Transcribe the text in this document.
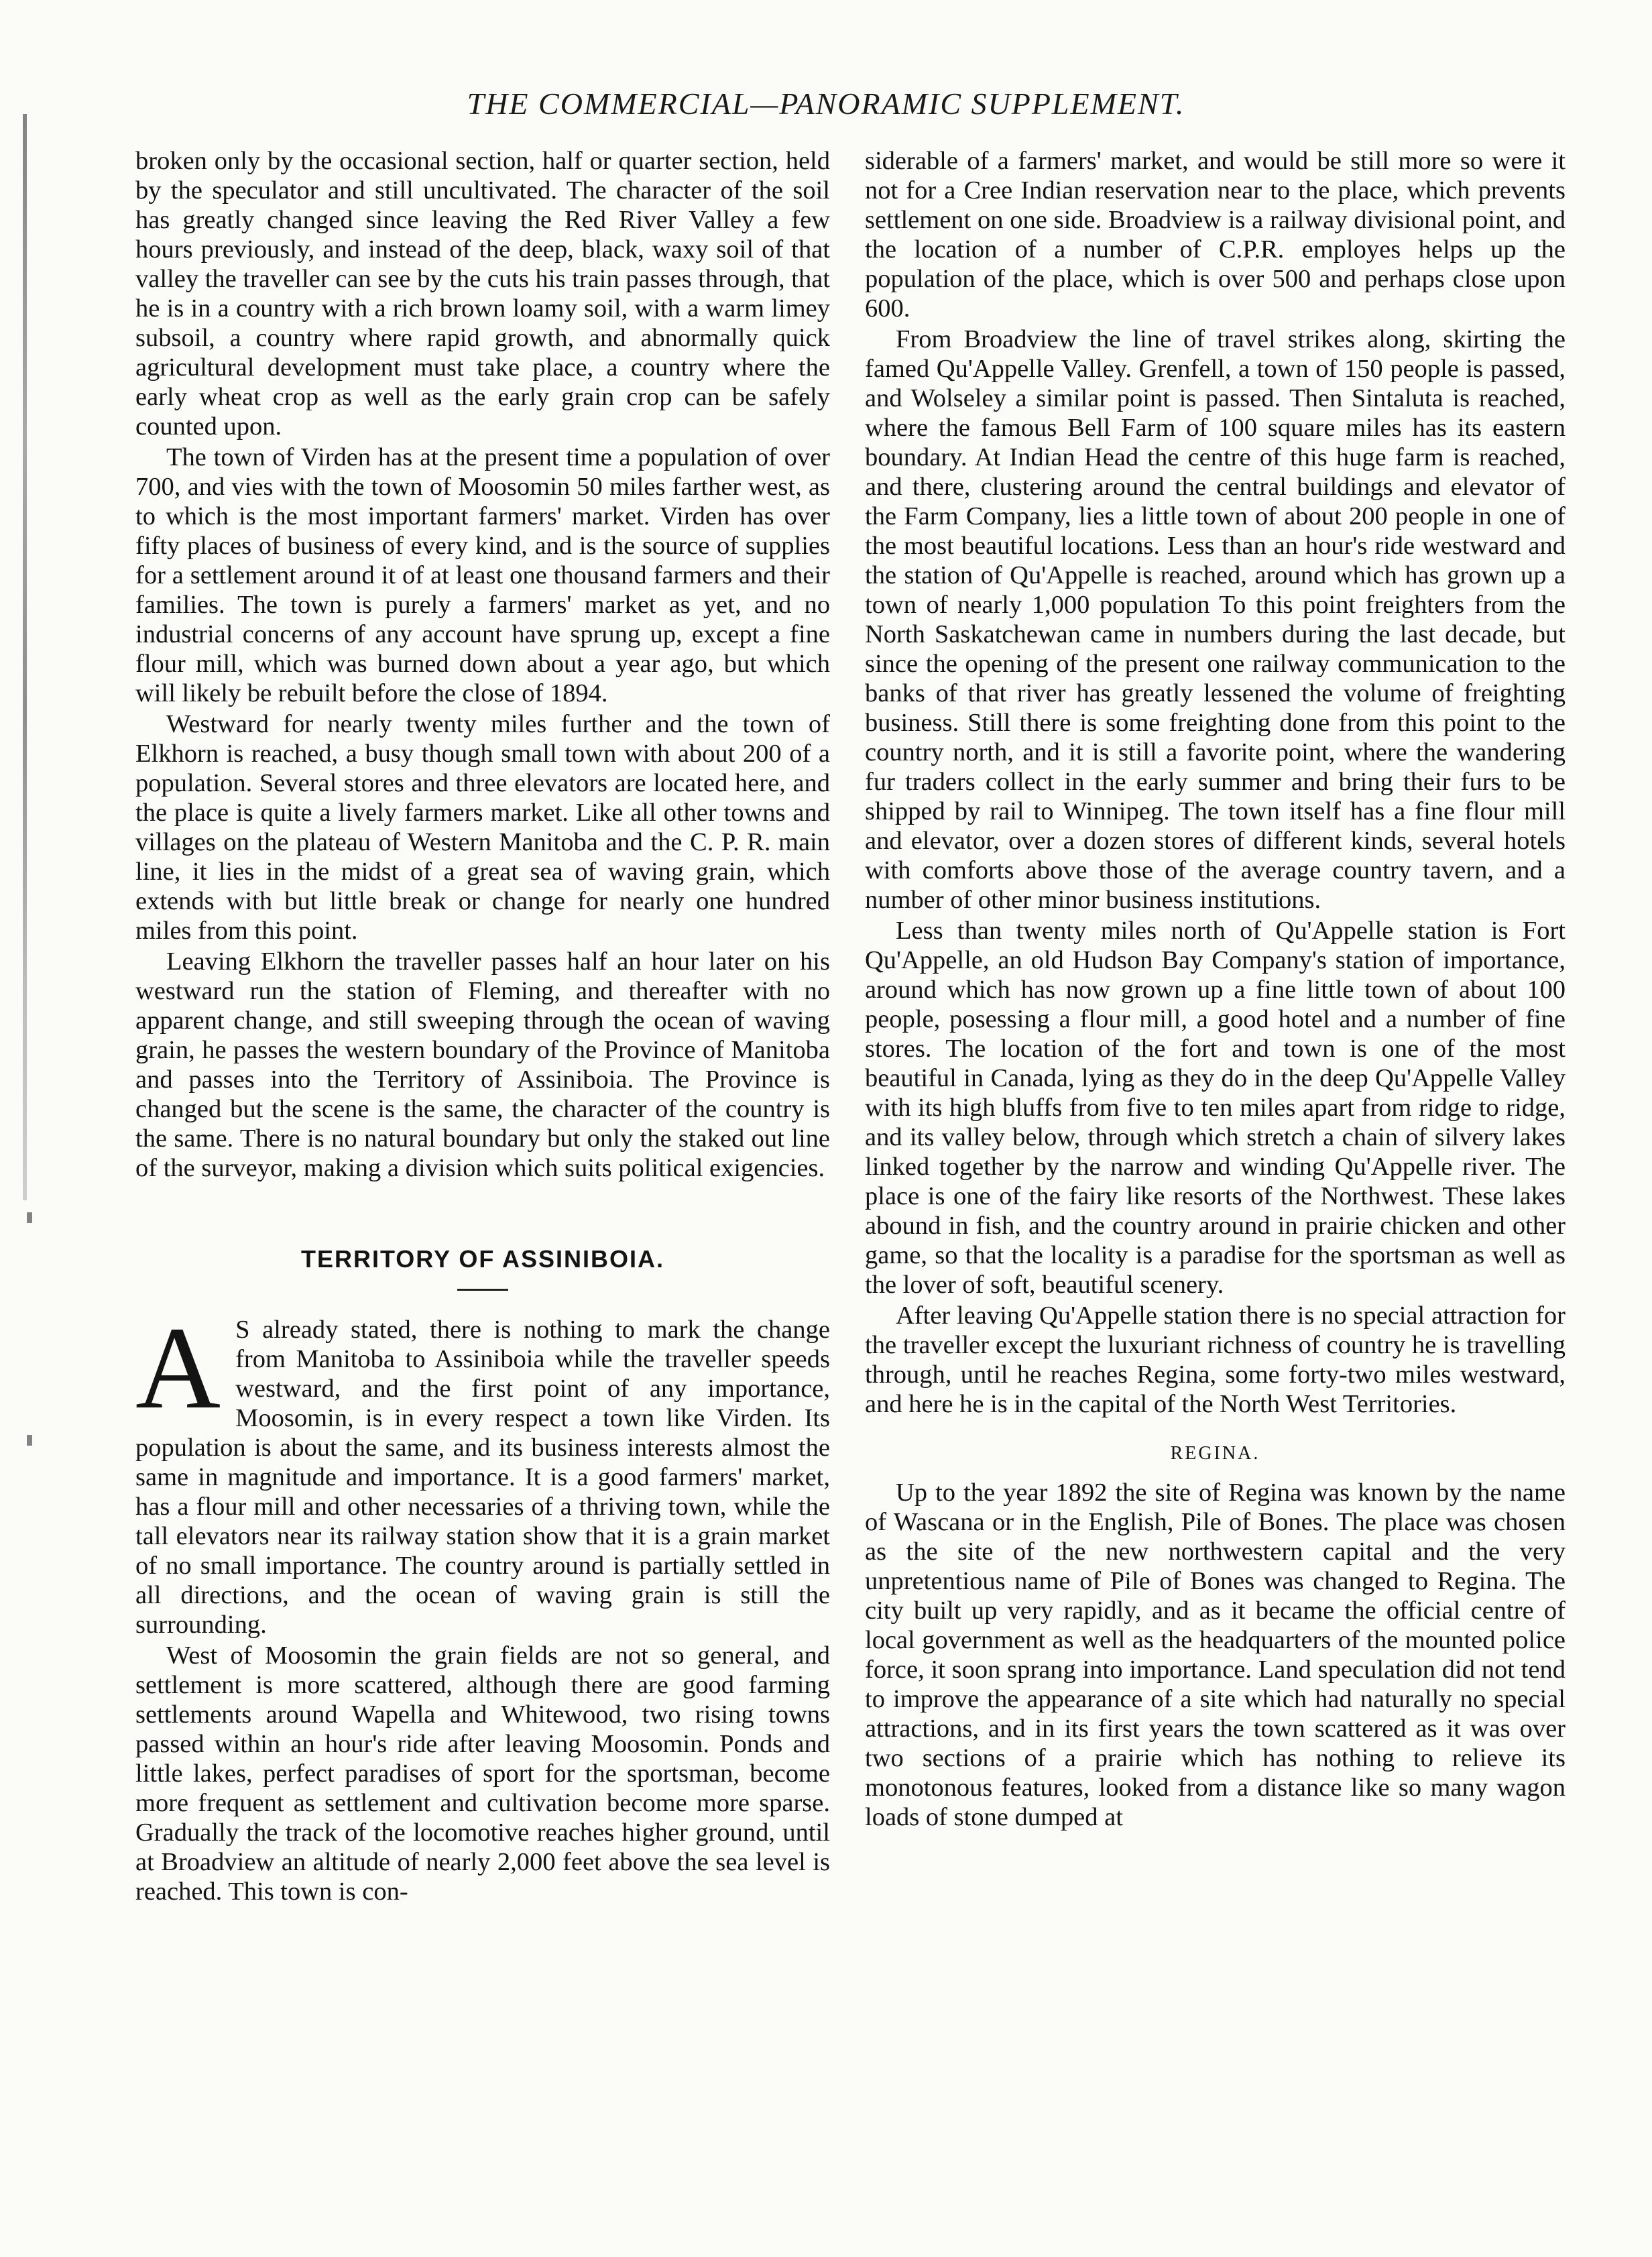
THE COMMERCIAL—PANORAMIC SUPPLEMENT.

broken only by the occasional section, half or quarter section, held by the speculator and still uncultivated. The character of the soil has greatly changed since leaving the Red River Valley a few hours previously, and instead of the deep, black, waxy soil of that valley the traveller can see by the cuts his train passes through, that he is in a country with a rich brown loamy soil, with a warm limey subsoil, a country where rapid growth, and abnormally quick agricultural development must take place, a country where the early wheat crop as well as the early grain crop can be safely counted upon.

The town of Virden has at the present time a population of over 700, and vies with the town of Moosomin 50 miles farther west, as to which is the most important farmers' market. Virden has over fifty places of business of every kind, and is the source of supplies for a settlement around it of at least one thousand farmers and their families. The town is purely a farmers' market as yet, and no industrial concerns of any account have sprung up, except a fine flour mill, which was burned down about a year ago, but which will likely be rebuilt before the close of 1894.

Westward for nearly twenty miles further and the town of Elkhorn is reached, a busy though small town with about 200 of a population. Several stores and three elevators are located here, and the place is quite a lively farmers market. Like all other towns and villages on the plateau of Western Manitoba and the C. P. R. main line, it lies in the midst of a great sea of waving grain, which extends with but little break or change for nearly one hundred miles from this point.

Leaving Elkhorn the traveller passes half an hour later on his westward run the station of Fleming, and thereafter with no apparent change, and still sweeping through the ocean of waving grain, he passes the western boundary of the Province of Manitoba and passes into the Territory of Assiniboia. The Province is changed but the scene is the same, the character of the country is the same. There is no natural boundary but only the staked out line of the surveyor, making a division which suits political exigencies.

TERRITORY OF ASSINIBOIA.

A S already stated, there is nothing to mark the change from Manitoba to Assiniboia while the traveller speeds westward, and the first point of any importance, Moosomin, is in every respect a town like Virden. Its population is about the same, and its business interests almost the same in magnitude and importance. It is a good farmers' market, has a flour mill and other necessaries of a thriving town, while the tall elevators near its railway station show that it is a grain market of no small importance. The country around is partially settled in all directions, and the ocean of waving grain is still the surrounding.

West of Moosomin the grain fields are not so general, and settlement is more scattered, although there are good farming settlements around Wapella and Whitewood, two rising towns passed within an hour's ride after leaving Moosomin. Ponds and little lakes, perfect paradises of sport for the sportsman, become more frequent as settlement and cultivation become more sparse. Gradually the track of the locomotive reaches higher ground, until at Broadview an altitude of nearly 2,000 feet above the sea level is reached. This town is con-

siderable of a farmers' market, and would be still more so were it not for a Cree Indian reservation near to the place, which prevents settlement on one side. Broadview is a railway divisional point, and the location of a number of C.P.R. employes helps up the population of the place, which is over 500 and perhaps close upon 600.

From Broadview the line of travel strikes along, skirting the famed Qu'Appelle Valley. Grenfell, a town of 150 people is passed, and Wolseley a similar point is passed. Then Sintaluta is reached, where the famous Bell Farm of 100 square miles has its eastern boundary. At Indian Head the centre of this huge farm is reached, and there, clustering around the central buildings and elevator of the Farm Company, lies a little town of about 200 people in one of the most beautiful locations. Less than an hour's ride westward and the station of Qu'Appelle is reached, around which has grown up a town of nearly 1,000 population To this point freighters from the North Saskatchewan came in numbers during the last decade, but since the opening of the present one railway communication to the banks of that river has greatly lessened the volume of freighting business. Still there is some freighting done from this point to the country north, and it is still a favorite point, where the wandering fur traders collect in the early summer and bring their furs to be shipped by rail to Winnipeg. The town itself has a fine flour mill and elevator, over a dozen stores of different kinds, several hotels with comforts above those of the average country tavern, and a number of other minor business institutions.

Less than twenty miles north of Qu'Appelle station is Fort Qu'Appelle, an old Hudson Bay Company's station of importance, around which has now grown up a fine little town of about 100 people, posessing a flour mill, a good hotel and a number of fine stores. The location of the fort and town is one of the most beautiful in Canada, lying as they do in the deep Qu'Appelle Valley with its high bluffs from five to ten miles apart from ridge to ridge, and its valley below, through which stretch a chain of silvery lakes linked together by the narrow and winding Qu'Appelle river. The place is one of the fairy like resorts of the Northwest. These lakes abound in fish, and the country around in prairie chicken and other game, so that the locality is a paradise for the sportsman as well as the lover of soft, beautiful scenery.

After leaving Qu'Appelle station there is no special attraction for the traveller except the luxuriant richness of country he is travelling through, until he reaches Regina, some forty-two miles westward, and here he is in the capital of the North West Territories.

REGINA.

Up to the year 1892 the site of Regina was known by the name of Wascana or in the English, Pile of Bones. The place was chosen as the site of the new northwestern capital and the very unpretentious name of Pile of Bones was changed to Regina. The city built up very rapidly, and as it became the official centre of local government as well as the headquarters of the mounted police force, it soon sprang into importance. Land speculation did not tend to improve the appearance of a site which had naturally no special attractions, and in its first years the town scattered as it was over two sections of a prairie which has nothing to relieve its monotonous features, looked from a distance like so many wagon loads of stone dumped at
